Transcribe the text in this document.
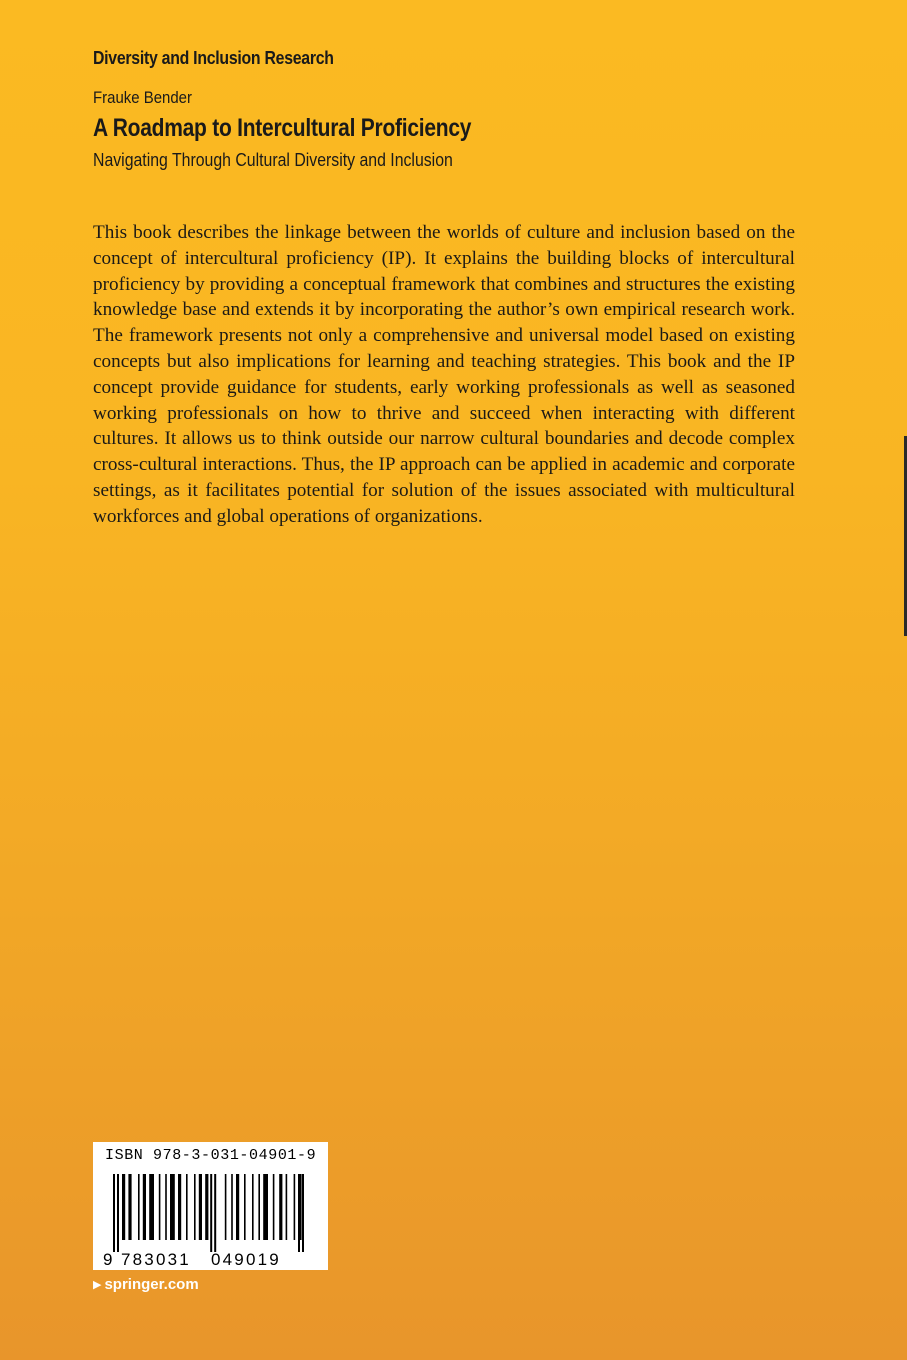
Diversity and Inclusion Research
Frauke Bender
A Roadmap to Intercultural Proficiency
Navigating Through Cultural Diversity and Inclusion

This book describes the linkage between the worlds of culture and inclusion based on the concept of intercultural proficiency (IP). It explains the building blocks of intercultural proficiency by providing a conceptual framework that combines and structures the existing knowledge base and extends it by incorporating the author’s own empirical research work. The framework presents not only a comprehensive and universal model based on existing concepts but also implications for learning and teaching strategies. This book and the IP concept provide guidance for students, early working professionals as well as seasoned working professionals on how to thrive and succeed when interacting with different cultures. It allows us to think outside our narrow cultural boundaries and decode complex cross-cultural interactions. Thus, the IP approach can be applied in academic and corporate settings, as it facilitates potential for solution of the issues associated with multicultural workforces and global operations of organizations.

ISBN 978-3-031-04901-9
9 783031 049019
▶ springer.com
